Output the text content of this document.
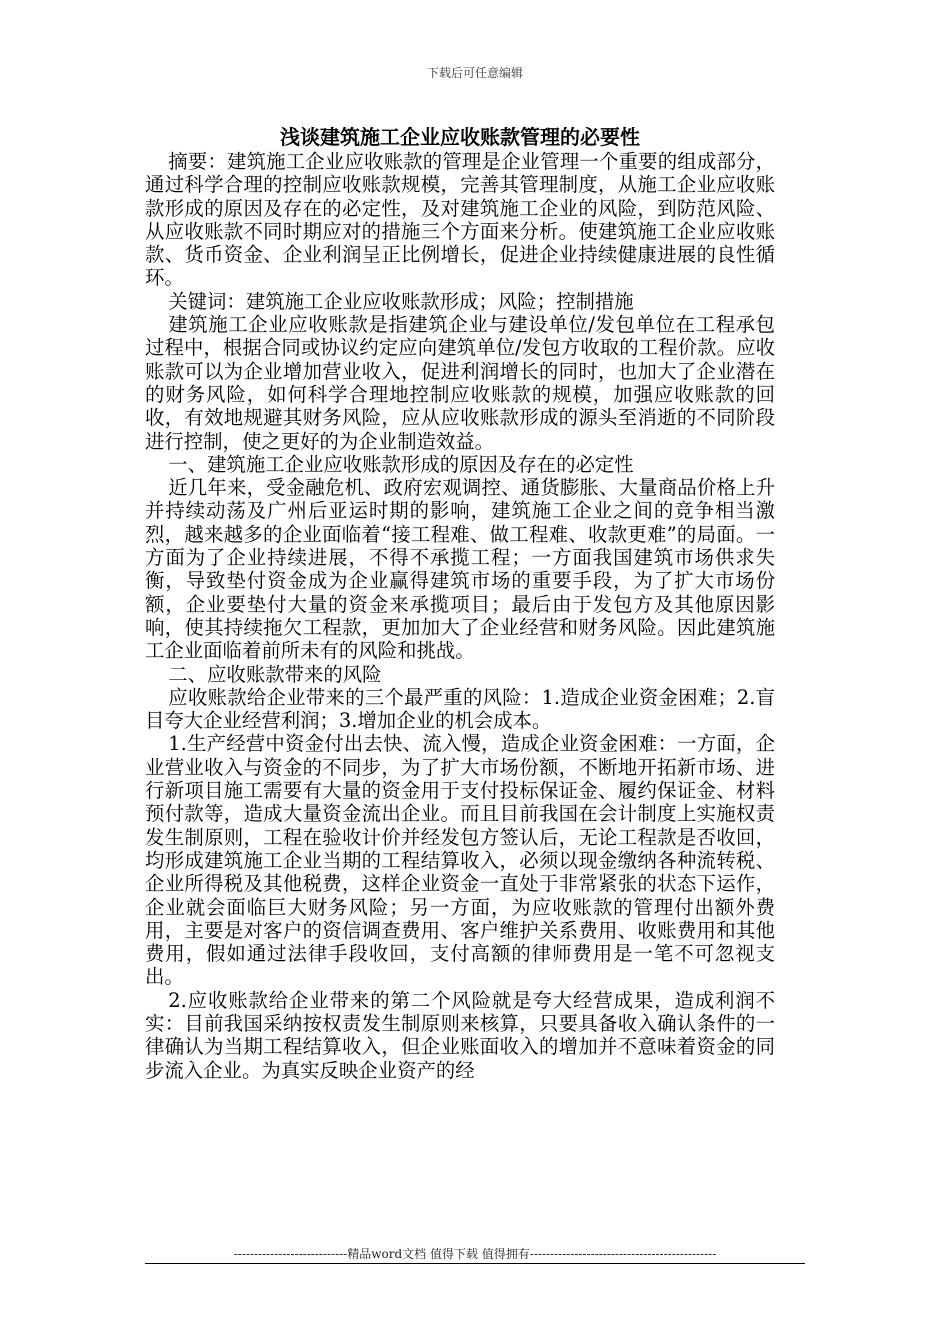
下载后可任意编辑
浅谈建筑施工企业应收账款管理的必要性

摘要：建筑施工企业应收账款的管理是企业管理一个重要的组成部分，通过科学合理的控制应收账款规模，完善其管理制度，从施工企业应收账款形成的原因及存在的必定性，及对建筑施工企业的风险，到防范风险、从应收账款不同时期应对的措施三个方面来分析。使建筑施工企业应收账款、货币资金、企业利润呈正比例增长，促进企业持续健康进展的良性循环。

关键词：建筑施工企业应收账款形成；风险；控制措施

建筑施工企业应收账款是指建筑企业与建设单位/发包单位在工程承包过程中，根据合同或协议约定应向建筑单位/发包方收取的工程价款。应收账款可以为企业增加营业收入，促进利润增长的同时，也加大了企业潜在的财务风险，如何科学合理地控制应收账款的规模，加强应收账款的回收，有效地规避其财务风险，应从应收账款形成的源头至消逝的不同阶段进行控制，使之更好的为企业制造效益。

一、建筑施工企业应收账款形成的原因及存在的必定性

近几年来，受金融危机、政府宏观调控、通货膨胀、大量商品价格上升并持续动荡及广州后亚运时期的影响，建筑施工企业之间的竞争相当激烈，越来越多的企业面临着“接工程难、做工程难、收款更难”的局面。一方面为了企业持续进展，不得不承揽工程；一方面我国建筑市场供求失衡，导致垫付资金成为企业赢得建筑市场的重要手段，为了扩大市场份额，企业要垫付大量的资金来承揽项目；最后由于发包方及其他原因影响，使其持续拖欠工程款，更加加大了企业经营和财务风险。因此建筑施工企业面临着前所未有的风险和挑战。

二、应收账款带来的风险

应收账款给企业带来的三个最严重的风险：1.造成企业资金困难；2.盲目夸大企业经营利润；3.增加企业的机会成本。

1.生产经营中资金付出去快、流入慢，造成企业资金困难：一方面，企业营业收入与资金的不同步，为了扩大市场份额，不断地开拓新市场、进行新项目施工需要有大量的资金用于支付投标保证金、履约保证金、材料预付款等，造成大量资金流出企业。而且目前我国在会计制度上实施权责发生制原则，工程在验收计价并经发包方签认后，无论工程款是否收回，均形成建筑施工企业当期的工程结算收入，必须以现金缴纳各种流转税、企业所得税及其他税费，这样企业资金一直处于非常紧张的状态下运作，企业就会面临巨大财务风险；另一方面，为应收账款的管理付出额外费用，主要是对客户的资信调查费用、客户维护关系费用、收账费用和其他费用，假如通过法律手段收回，支付高额的律师费用是一笔不可忽视支出。

2.应收账款给企业带来的第二个风险就是夸大经营成果，造成利润不实：目前我国采纳按权责发生制原则来核算，只要具备收入确认条件的一律确认为当期工程结算收入，但企业账面收入的增加并不意味着资金的同步流入企业。为真实反映企业资产的经

----------------------------精品word文档 值得下载 值得拥有----------------------------------------------
